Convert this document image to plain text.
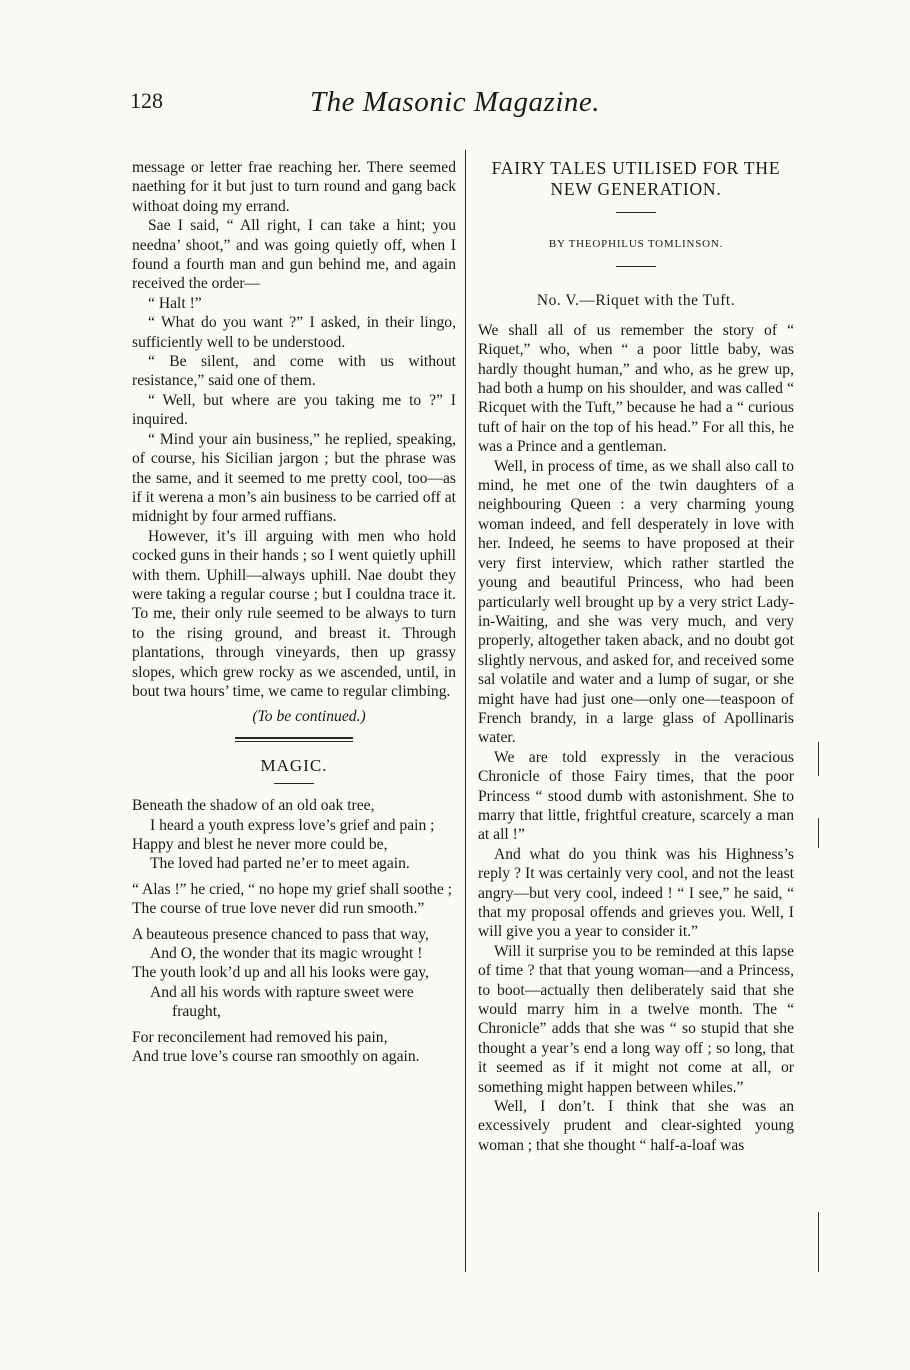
128	The Masonic Magazine.

message or letter frae reaching her. There seemed naething for it but just to turn round and gang back withoat doing my errand.

Sae I said, “ All right, I can take a hint; you needna’ shoot,” and was going quietly off, when I found a fourth man and gun behind me, and again received the order—

“ Halt !”

“ What do you want ?” I asked, in their lingo, sufficiently well to be understood.

“ Be silent, and come with us without resistance,” said one of them.

“ Well, but where are you taking me to ?” I inquired.

“ Mind your ain business,” he replied, speaking, of course, his Sicilian jargon ; but the phrase was the same, and it seemed to me pretty cool, too—as if it werena a mon’s ain business to be carried off at midnight by four armed ruffians.

However, it’s ill arguing with men who hold cocked guns in their hands ; so I went quietly uphill with them. Uphill—always uphill. Nae doubt they were taking a regular course ; but I couldna trace it. To me, their only rule seemed to be always to turn to the rising ground, and breast it. Through plantations, through vineyards, then up grassy slopes, which grew rocky as we ascended, until, in bout twa hours’ time, we came to regular climbing.

(To be continued.)
MAGIC.

Beneath the shadow of an old oak tree,

I heard a youth express love’s grief and pain ;

Happy and blest he never more could be,

The loved had parted ne’er to meet again.

“ Alas !” he cried, “ no hope my grief shall soothe ;

The course of true love never did run smooth.”

A beauteous presence chanced to pass that way,

And O, the wonder that its magic wrought !

The youth look’d up and all his looks were gay,

And all his words with rapture sweet were fraught,

For reconcilement had removed his pain,

And true love’s course ran smoothly on again.

FAIRY TALES UTILISED FOR THE

NEW GENERATION.

BY THEOPHILUS TOMLINSON.

No. V.—Riquet with the Tuft.

We shall all of us remember the story of “ Riquet,” who, when “ a poor little baby, was hardly thought human,” and who, as he grew up, had both a hump on his shoulder, and was called “ Ricquet with the Tuft,” because he had a “ curious tuft of hair on the top of his head.” For all this, he was a Prince and a gentleman.

Well, in process of time, as we shall also call to mind, he met one of the twin daughters of a neighbouring Queen : a very charming young woman indeed, and fell desperately in love with her. Indeed, he seems to have proposed at their very first interview, which rather startled the young and beautiful Princess, who had been particularly well brought up by a very strict Lady-in-Waiting, and she was very much, and very properly, altogether taken aback, and no doubt got slightly nervous, and asked for, and received some sal volatile and water and a lump of sugar, or she might have had just one—only one—teaspoon of French brandy, in a large glass of Apollinaris water.

We are told expressly in the veracious Chronicle of those Fairy times, that the poor Princess “ stood dumb with astonishment. She to marry that little, frightful creature, scarcely a man at all !”

And what do you think was his Highness’s reply ? It was certainly very cool, and not the least angry—but very cool, indeed ! “ I see,” he said, “ that my proposal offends and grieves you. Well, I will give you a year to consider it.”

Will it surprise you to be reminded at this lapse of time ? that that young woman—and a Princess, to boot—actually then deliberately said that she would marry him in a twelve month. The “ Chronicle” adds that she was “ so stupid that she thought a year’s end a long way off ; so long, that it seemed as if it might not come at all, or something might happen between whiles.”

Well, I don’t. I think that she was an excessively prudent and clear-sighted young woman ; that she thought “ half-a-loaf was
